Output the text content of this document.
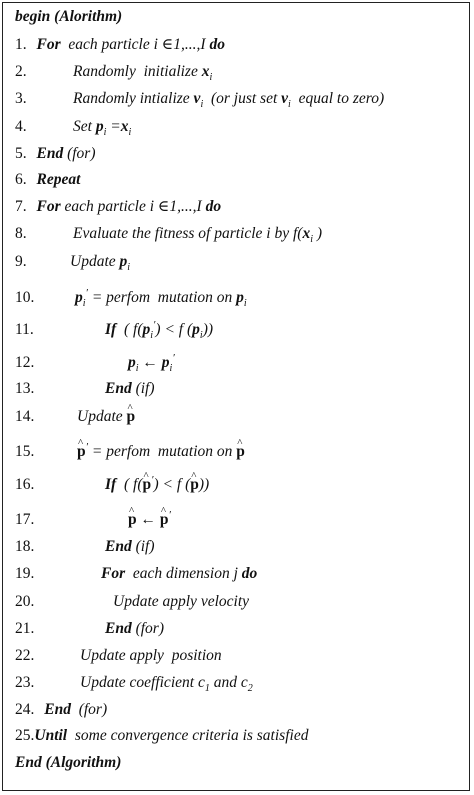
begin (Alorithm)
1. For  each particle i ∈1,...,I do
2.	Randomly  initialize $x_i$
3.	Randomly intialize $v_i$  (or just set $v_i$  equal to zero)
4.	Set $p_i =x_i$
5. End (for)
6. Repeat
7. For each particle i ∈1,...,I do
8.	Evaluate the fitness of particle i by $f(x_i$ )
9.	Update $p_i$
10.	$p_i'$ = perfom  mutation on $p_i$
11.	If  ( $f(p_i') < f$ $(p_i)$)
12.	$p_i$ ← $p_i'$
13.	End (if)
14.	Update ^ p
15.	^ p′ = perfom  mutation on ^ p
16.	If  ( f(^ p′) < f (^ p))
17.	^ p ← ^ p′
18.	End (if)
19.	For  each dimension j do
20.	Update apply velocity
21.	End (for)
22.	Update apply  position
23.	Update coefficient $c_1$ and $c_2$
24. End  (for)
25.Until  some convergence criteria is satisfied
End (Algorithm)
